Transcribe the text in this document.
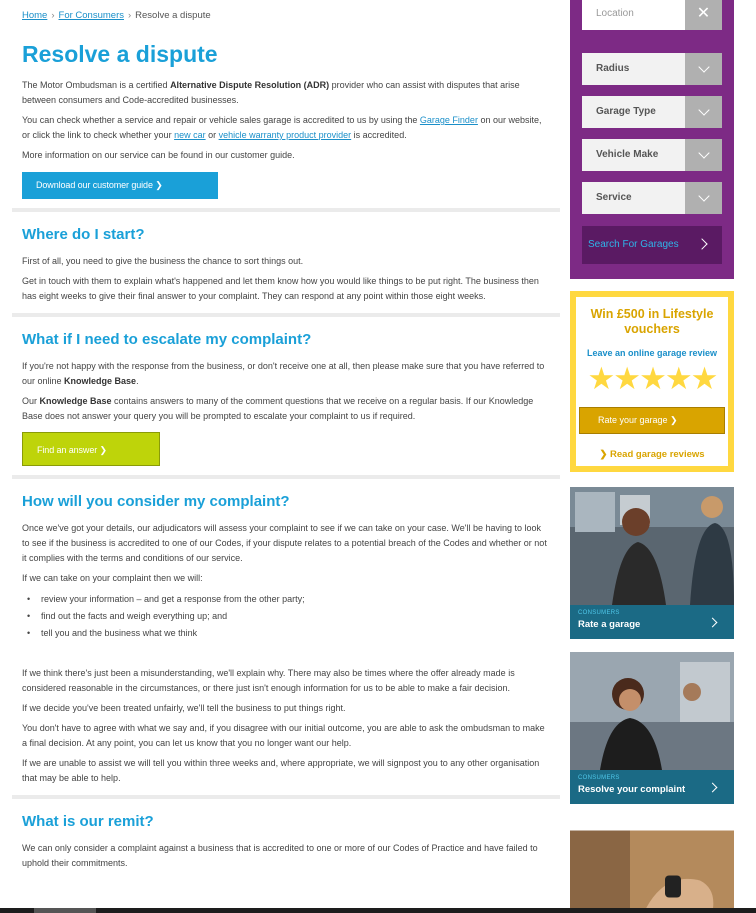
Home › For Consumers › Resolve a dispute
Resolve a dispute

The Motor Ombudsman is a certified Alternative Dispute Resolution (ADR) provider who can assist with disputes that arise between consumers and Code-accredited businesses.

You can check whether a service and repair or vehicle sales garage is accredited to us by using the Garage Finder on our website, or click the link to check whether your new car or vehicle warranty product provider is accredited.

More information on our service can be found in our customer guide.

Download our customer guide ❯
Where do I start?

First of all, you need to give the business the chance to sort things out.

Get in touch with them to explain what's happened and let them know how you would like things to be put right. The business then has eight weeks to give their final answer to your complaint. They can respond at any point within those eight weeks.

What if I need to escalate my complaint?

If you're not happy with the response from the business, or don't receive one at all, then please make sure that you have referred to our online Knowledge Base.

Our Knowledge Base contains answers to many of the comment questions that we receive on a regular basis. If our Knowledge Base does not answer your query you will be prompted to escalate your complaint to us if required.

Find an answer ❯
How will you consider my complaint?

Once we've got your details, our adjudicators will assess your complaint to see if we can take on your case. We'll be having to look to see if the business is accredited to one of our Codes, if your dispute relates to a potential breach of the Codes and whether or not it complies with the terms and conditions of our service.

If we can take on your complaint then we will:

• review your information – and get a response from the other party;
• find out the facts and weigh everything up; and
• tell you and the business what we think

If we think there's just been a misunderstanding, we'll explain why. There may also be times where the offer already made is considered reasonable in the circumstances, or there just isn't enough information for us to be able to make a fair decision.

If we decide you've been treated unfairly, we'll tell the business to put things right.

You don't have to agree with what we say and, if you disagree with our initial outcome, you are able to ask the ombudsman to make a final decision. At any point, you can let us know that you no longer want our help.

If we are unable to assist we will tell you within three weeks and, where appropriate, we will signpost you to any other organisation that may be able to help.

What is our remit?

We can only consider a complaint against a business that is accredited to one or more of our Codes of Practice and have failed to uphold their commitments.

Location	✕
Radius
Garage Type
Vehicle Make
Service
Search For Garages
Win £500 in Lifestyle vouchers
Leave an online garage review
★★★★★
Rate your garage ❯
❯ Read garage reviews
CONSUMERS
Rate a garage
CONSUMERS
Resolve your complaint
